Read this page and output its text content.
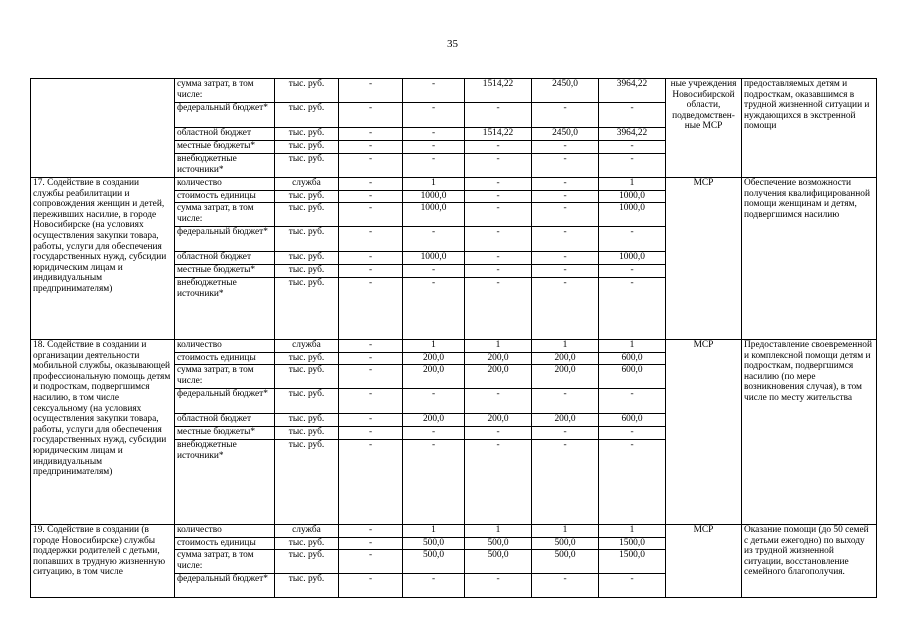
35
	сумма затрат, в том числе:	тыс. руб.	-	-	1514,22	2450,0	3964,22	ные учреждения Новосибирской области, подведомствен-ные МСР	предоставляемых детям и подросткам, оказавшимся в трудной жизненной ситуации и нуждающихся в экстренной помощи
	федеральный бюджет*	тыс. руб.	-	-	-	-	-		
	областной бюджет	тыс. руб.	-	-	1514,22	2450,0	3964,22		
	местные бюджеты*	тыс. руб.	-	-	-	-	-		
	внебюджетные источники*	тыс. руб.	-	-	-	-	-		
17. Содействие в создании службы реабилитации и сопровождения женщин и детей, переживших насилие, в городе Новосибирске (на условиях осуществления закупки товара, работы, услуги для обеспечения государственных нужд, субсидии юридическим лицам и индивидуальным предпринимателям)	количество	служба	-	1	-	-	1	МСР	Обеспечение возможности получения квалифицированной помощи женщинам и детям, подвергшимся насилию
	стоимость единицы	тыс. руб.	-	1000,0	-	-	1000,0		
	сумма затрат, в том числе:	тыс. руб.	-	1000,0	-	-	1000,0		
	федеральный бюджет*	тыс. руб.	-	-	-	-	-		
	областной бюджет	тыс. руб.	-	1000,0	-	-	1000,0		
	местные бюджеты*	тыс. руб.	-	-	-	-	-		
	внебюджетные источники*	тыс. руб.	-	-	-	-	-		
18. Содействие в создании и организации деятельности мобильной службы, оказывающей профессиональную помощь детям и подросткам, подвергшимся насилию, в том числе сексуальному (на условиях осуществления закупки товара, работы, услуги для обеспечения государственных нужд, субсидии юридическим лицам и индивидуальным предпринимателям)	количество	служба	-	1	1	1	1	МСР	Предоставление своевременной и комплексной помощи детям и подросткам, подвергшимся насилию (по мере возникновения случая), в том числе по месту жительства
	стоимость единицы	тыс. руб.	-	200,0	200,0	200,0	600,0		
	сумма затрат, в том числе:	тыс. руб.	-	200,0	200,0	200,0	600,0		
	федеральный бюджет*	тыс. руб.	-	-	-	-	-		
	областной бюджет	тыс. руб.	-	200,0	200,0	200,0	600,0		
	местные бюджеты*	тыс. руб.	-	-	-	-	-		
	внебюджетные источники*	тыс. руб.	-	-	-	-	-		
19. Содействие в создании (в городе Новосибирске) службы поддержки родителей с детьми, попавших в трудную жизненную ситуацию, в том числе	количество	служба	-	1	1	1	1	МСР	Оказание помощи (до 50 семей с детьми ежегодно) по выходу из трудной жизненной ситуации, восстановление семейного благополучия.
	стоимость единицы	тыс. руб.	-	500,0	500,0	500,0	1500,0		
	сумма затрат, в том числе:	тыс. руб.	-	500,0	500,0	500,0	1500,0		
	федеральный бюджет*	тыс. руб.	-	-	-	-	-		
